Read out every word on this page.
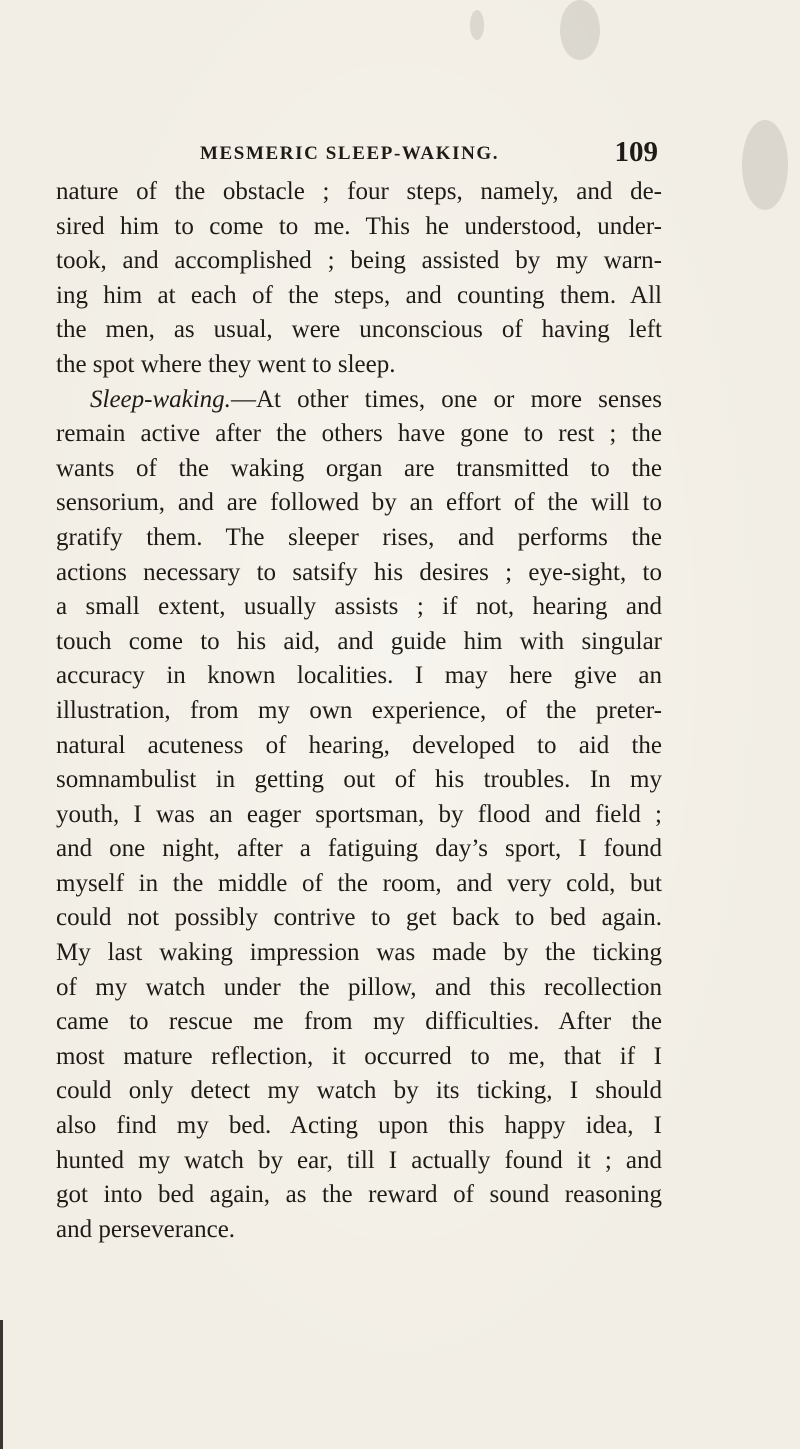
MESMERIC SLEEP-WAKING.	109
nature of the obstacle ; four steps, namely, and de-
sired him to come to me. This he understood, under-
took, and accomplished ; being assisted by my warn-
ing him at each of the steps, and counting them. All
the men, as usual, were unconscious of having left
the spot where they went to sleep.
Sleep-waking.—At other times, one or more senses
remain active after the others have gone to rest ; the
wants of the waking organ are transmitted to the
sensorium, and are followed by an effort of the will to
gratify them. The sleeper rises, and performs the
actions necessary to satsify his desires ; eye-sight, to
a small extent, usually assists ; if not, hearing and
touch come to his aid, and guide him with singular
accuracy in known localities. I may here give an
illustration, from my own experience, of the preter-
natural acuteness of hearing, developed to aid the
somnambulist in getting out of his troubles. In my
youth, I was an eager sportsman, by flood and field ;
and one night, after a fatiguing day’s sport, I found
myself in the middle of the room, and very cold, but
could not possibly contrive to get back to bed again.
My last waking impression was made by the ticking
of my watch under the pillow, and this recollection
came to rescue me from my difficulties. After the
most mature reflection, it occurred to me, that if I
could only detect my watch by its ticking, I should
also find my bed. Acting upon this happy idea, I
hunted my watch by ear, till I actually found it ; and
got into bed again, as the reward of sound reasoning
and perseverance.
